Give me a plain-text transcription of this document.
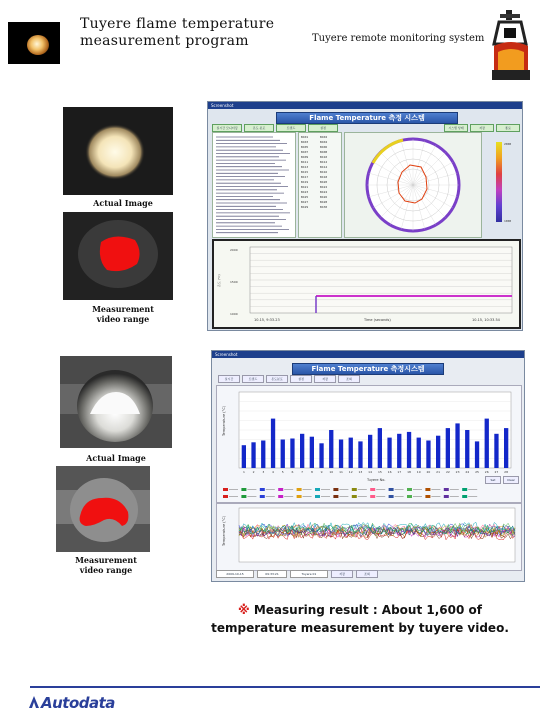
Tuyere flame temperature
measurement program	Tuyere remote monitoring system
Actual Image
Measurement
video range
Screenshot
Flame Temperature 측정 시스템
실시간 모니터링	온도 분포	트렌드	설정	시스템 상태	저장	종료
B401	B402
B403	B404
B405	B406
B407	B408
B409	B410
B411	B412
B413	B414
B415	B416
B417	B418
B419	B420
B421	B422
B423	B424
B425	B426
B427	B428
B429	B430
2000
1000
2000
1500
1000
온도 (°C)
10.15, 9:33.23	Time (seconds)	10.15, 10:33.54
Actual Image
Measurement
video range
Screenshot
Flame Temperature 측정시스템
실시간	트렌드	온도분포	설정	저장	조회
1	2	3	4	5	6	7	8	9 10 11 12 13 14 15 16 17 18 19 20 21 22 23 24 25 26 27 28
Temperature (°C)
Tuyere No.	Set	Clear
Temperature (°C)
2009-10-15	09:33:21	Tuyere 01	저장	조회
※ Measuring result : About 1,600 of
temperature measurement by tuyere video.
Autodata
